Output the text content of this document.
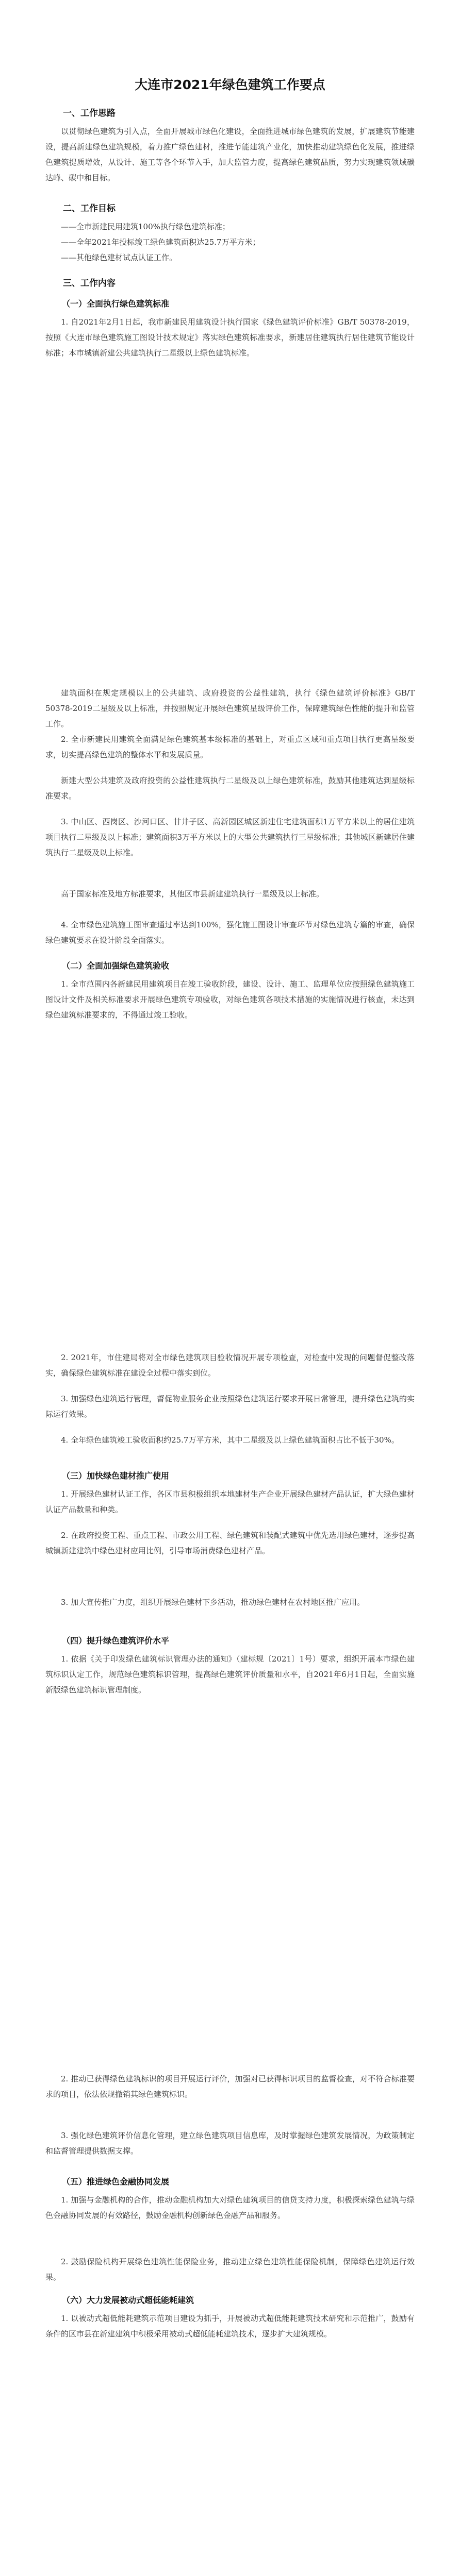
大连市2021年绿色建筑工作要点

一、工作思路

以贯彻绿色建筑为引入点，全面开展城市绿色化建设，全面推进城市绿色建筑的发展，扩展建筑节能建设，提高新建绿色建筑规模，着力推广绿色建材，推进节能建筑产业化，加快推动建筑绿色化发展，推进绿色建筑提质增效，从设计、施工等各个环节入手，加大监管力度，提高绿色建筑品质，努力实现建筑领域碳达峰、碳中和目标。

二、工作目标

——全市新建民用建筑100%执行绿色建筑标准；

——全年2021年投标竣工绿色建筑面积达25.7万平方米；

——其他绿色建材试点认证工作。

三、工作内容

（一）全面执行绿色建筑标准

1. 自2021年2月1日起，我市新建民用建筑设计执行国家《绿色建筑评价标准》GB/T 50378-2019，按照《大连市绿色建筑施工图设计技术规定》落实绿色建筑标准要求，新建居住建筑执行居住建筑节能设计标准；本市城镇新建公共建筑执行二星级以上绿色建筑标准。

建筑面积在规定规模以上的公共建筑、政府投资的公益性建筑，执行《绿色建筑评价标准》GB/T 50378-2019二星级及以上标准，并按照规定开展绿色建筑星级评价工作，保障建筑绿色性能的提升和监管工作。

2. 全市新建民用建筑全面满足绿色建筑基本级标准的基础上，对重点区域和重点项目执行更高星级要求，切实提高绿色建筑的整体水平和发展质量。

新建大型公共建筑及政府投资的公益性建筑执行二星级及以上绿色建筑标准，鼓励其他建筑达到星级标准要求。

3. 中山区、西岗区、沙河口区、甘井子区、高新园区城区新建住宅建筑面积1万平方米以上的居住建筑项目执行二星级及以上标准；建筑面积3万平方米以上的大型公共建筑执行三星级标准；其他城区新建居住建筑执行二星级及以上标准。

高于国家标准及地方标准要求，其他区市县新建建筑执行一星级及以上标准。

4. 全市绿色建筑施工图审查通过率达到100%，强化施工图设计审查环节对绿色建筑专篇的审查，确保绿色建筑要求在设计阶段全面落实。

（二）全面加强绿色建筑验收

1. 全市范围内各新建民用建筑项目在竣工验收阶段，建设、设计、施工、监理单位应按照绿色建筑施工图设计文件及相关标准要求开展绿色建筑专项验收，对绿色建筑各项技术措施的实施情况进行核查，未达到绿色建筑标准要求的，不得通过竣工验收。

2. 2021年，市住建局将对全市绿色建筑项目验收情况开展专项检查，对检查中发现的问题督促整改落实，确保绿色建筑标准在建设全过程中落实到位。

3. 加强绿色建筑运行管理，督促物业服务企业按照绿色建筑运行要求开展日常管理，提升绿色建筑的实际运行效果。

4. 全年绿色建筑竣工验收面积约25.7万平方米，其中二星级及以上绿色建筑面积占比不低于30%。

（三）加快绿色建材推广使用

1. 开展绿色建材认证工作，各区市县积极组织本地建材生产企业开展绿色建材产品认证，扩大绿色建材认证产品数量和种类。

2. 在政府投资工程、重点工程、市政公用工程、绿色建筑和装配式建筑中优先选用绿色建材，逐步提高城镇新建建筑中绿色建材应用比例，引导市场消费绿色建材产品。

3. 加大宣传推广力度，组织开展绿色建材下乡活动，推动绿色建材在农村地区推广应用。

（四）提升绿色建筑评价水平

1. 依据《关于印发绿色建筑标识管理办法的通知》（建标规〔2021〕1号）要求，组织开展本市绿色建筑标识认定工作，规范绿色建筑标识管理，提高绿色建筑评价质量和水平，自2021年6月1日起，全面实施新版绿色建筑标识管理制度。

2. 推动已获得绿色建筑标识的项目开展运行评价，加强对已获得标识项目的监督检查，对不符合标准要求的项目，依法依规撤销其绿色建筑标识。

3. 强化绿色建筑评价信息化管理，建立绿色建筑项目信息库，及时掌握绿色建筑发展情况，为政策制定和监督管理提供数据支撑。

（五）推进绿色金融协同发展

1. 加强与金融机构的合作，推动金融机构加大对绿色建筑项目的信贷支持力度，积极探索绿色建筑与绿色金融协同发展的有效路径，鼓励金融机构创新绿色金融产品和服务。

2. 鼓励保险机构开展绿色建筑性能保险业务，推动建立绿色建筑性能保险机制，保障绿色建筑运行效果。

（六）大力发展被动式超低能耗建筑

1. 以被动式超低能耗建筑示范项目建设为抓手，开展被动式超低能耗建筑技术研究和示范推广，鼓励有条件的区市县在新建建筑中积极采用被动式超低能耗建筑技术，逐步扩大建筑规模。
